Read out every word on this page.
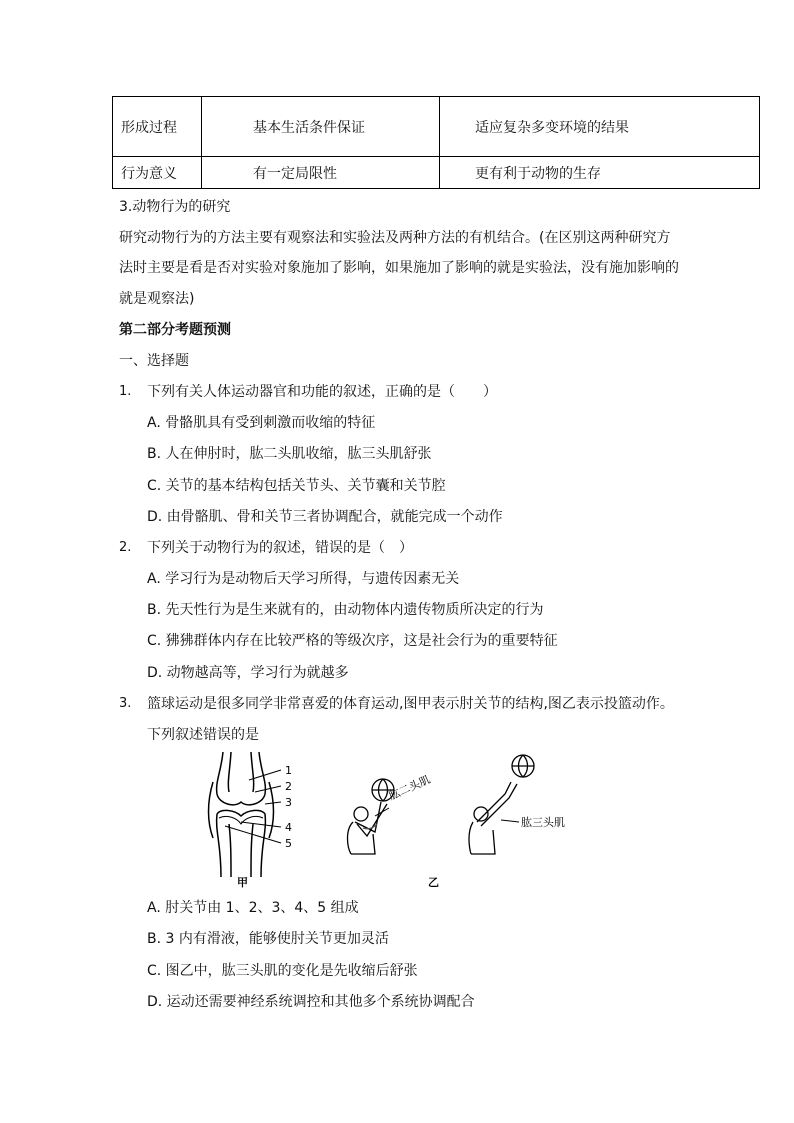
形成过程	基本生活条件保证	适应复杂多变环境的结果
行为意义	有一定局限性	更有利于动物的生存
3.动物行为的研究
研究动物行为的方法主要有观察法和实验法及两种方法的有机结合。(在区别这两种研究方
法时主要是看是否对实验对象施加了影响，如果施加了影响的就是实验法，没有施加影响的
就是观察法)
第二部分考题预测
一、选择题
1. 下列有关人体运动器官和功能的叙述，正确的是（　　）
A. 骨骼肌具有受到刺激而收缩的特征
B. 人在伸肘时，肱二头肌收缩，肱三头肌舒张
C. 关节的基本结构包括关节头、关节囊和关节腔
D. 由骨骼肌、骨和关节三者协调配合，就能完成一个动作
2. 下列关于动物行为的叙述，错误的是（　）
A. 学习行为是动物后天学习所得，与遗传因素无关
B. 先天性行为是生来就有的，由动物体内遗传物质所决定的行为
C. 狒狒群体内存在比较严格的等级次序，这是社会行为的重要特征
D. 动物越高等，学习行为就越多
3. 篮球运动是很多同学非常喜爱的体育运动,图甲表示肘关节的结构,图乙表示投篮动作。
下列叙述错误的是
1
2
3
4
5
甲
肱二头肌
肱三头肌
乙
A. 肘关节由 1、2、3、4、5 组成
B. 3 内有滑液，能够使肘关节更加灵活
C. 图乙中，肱三头肌的变化是先收缩后舒张
D. 运动还需要神经系统调控和其他多个系统协调配合
